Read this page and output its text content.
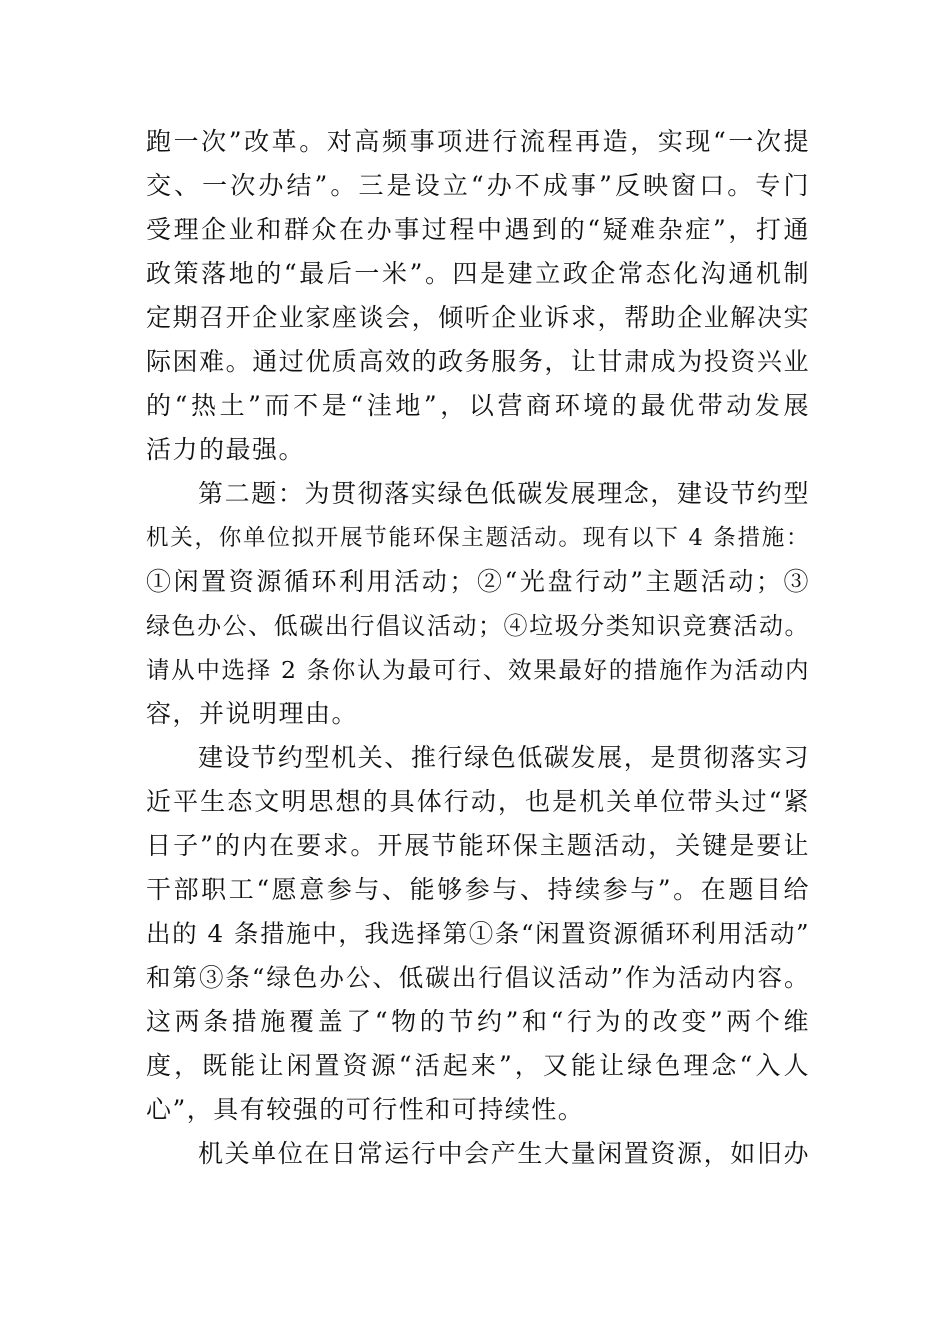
跑一次”改革。对高频事项进行流程再造，实现“一次提
交、一次办结”。三是设立“办不成事”反映窗口。专门
受理企业和群众在办事过程中遇到的“疑难杂症”，打通
政策落地的“最后一米”。四是建立政企常态化沟通机制
定期召开企业家座谈会，倾听企业诉求，帮助企业解决实
际困难。通过优质高效的政务服务，让甘肃成为投资兴业
的“热土”而不是“洼地”，以营商环境的最优带动发展
活力的最强。
第二题：为贯彻落实绿色低碳发展理念，建设节约型
机关，你单位拟开展节能环保主题活动。现有以下 4 条措施：
①闲置资源循环利用活动；②“光盘行动”主题活动；③
绿色办公、低碳出行倡议活动；④垃圾分类知识竞赛活动。
请从中选择 2 条你认为最可行、效果最好的措施作为活动内
容，并说明理由。
建设节约型机关、推行绿色低碳发展，是贯彻落实习
近平生态文明思想的具体行动，也是机关单位带头过“紧
日子”的内在要求。开展节能环保主题活动，关键是要让
干部职工“愿意参与、能够参与、持续参与”。在题目给
出的 4 条措施中，我选择第①条“闲置资源循环利用活动”
和第③条“绿色办公、低碳出行倡议活动”作为活动内容。
这两条措施覆盖了“物的节约”和“行为的改变”两个维
度，既能让闲置资源“活起来”，又能让绿色理念“入人
心”，具有较强的可行性和可持续性。
机关单位在日常运行中会产生大量闲置资源，如旧办
